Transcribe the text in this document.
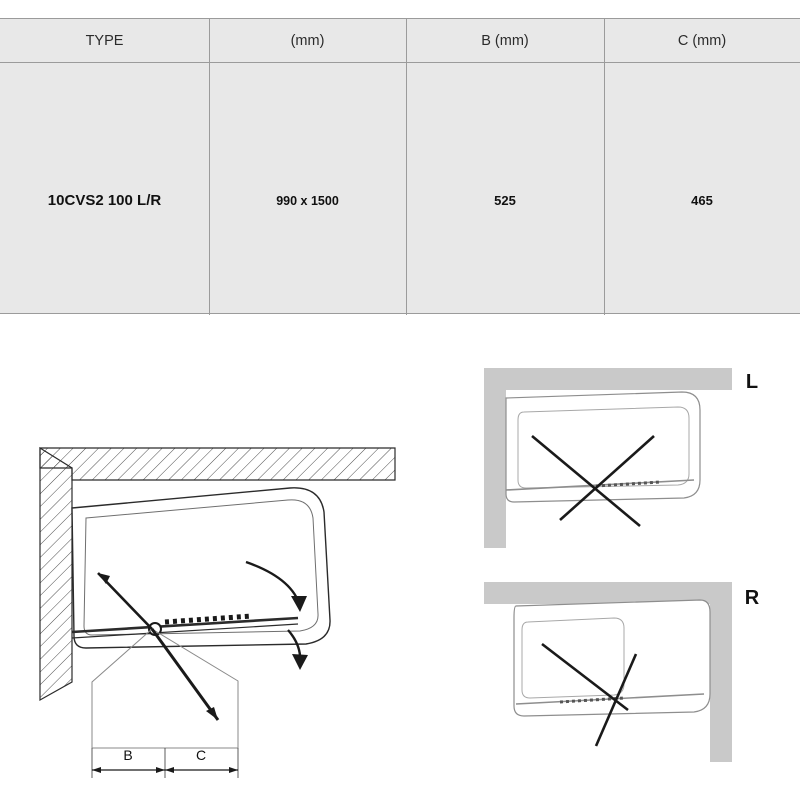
TYPE	(mm)	B (mm)	C (mm)
10CVS2 100 L/R	990 x 1500	525	465
B	C
L
R
